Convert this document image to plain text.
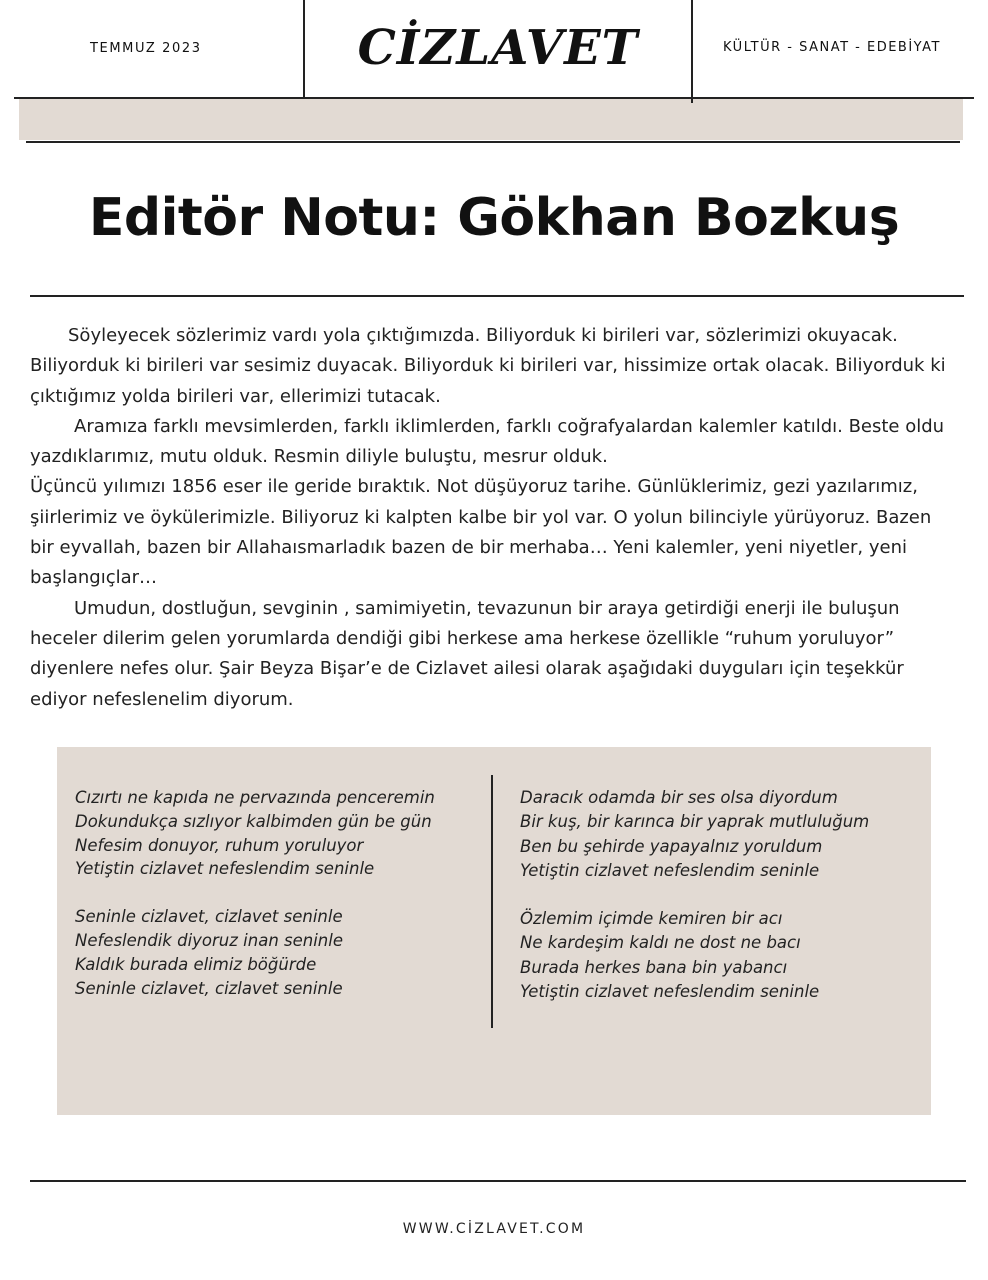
TEMMUZ 2023	CİZLAVET	KÜLTÜR - SANAT - EDEBİYAT
Editör Notu: Gökhan Bozkuş

Söyleyecek sözlerimiz vardı yola çıktığımızda. Biliyorduk ki birileri var, sözlerimizi okuyacak. Biliyorduk ki birileri var sesimiz duyacak. Biliyorduk ki birileri var, hissimize ortak olacak. Biliyorduk ki çıktığımız yolda birileri var, ellerimizi tutacak.

Aramıza farklı mevsimlerden, farklı iklimlerden, farklı coğrafyalardan kalemler katıldı. Beste oldu yazdıklarımız, mutu olduk. Resmin diliyle buluştu, mesrur olduk.

Üçüncü yılımızı 1856 eser ile geride bıraktık. Not düşüyoruz tarihe. Günlüklerimiz, gezi yazılarımız, şiirlerimiz ve öykülerimizle. Biliyoruz ki kalpten kalbe bir yol var. O yolun bilinciyle yürüyoruz. Bazen bir eyvallah, bazen bir Allahaısmarladık bazen de bir merhaba… Yeni kalemler, yeni niyetler, yeni başlangıçlar…

Umudun, dostluğun, sevginin , samimiyetin, tevazunun bir araya getirdiği enerji ile buluşun heceler dilerim gelen yorumlarda dendiği gibi herkese ama herkese özellikle “ruhum yoruluyor” diyenlere nefes olur. Şair Beyza Bişar’e de Cizlavet ailesi olarak aşağıdaki duyguları için teşekkür ediyor nefeslenelim diyorum.

Cızırtı ne kapıda ne pervazında penceremin
Dokundukça sızlıyor kalbimden gün be gün
Nefesim donuyor, ruhum yoruluyor
Yetiştin cizlavet nefeslendim seninle
Seninle cizlavet, cizlavet seninle
Nefeslendik diyoruz inan seninle
Kaldık burada elimiz böğürde
Seninle cizlavet, cizlavet seninle
Daracık odamda bir ses olsa diyordum
Bir kuş, bir karınca bir yaprak mutluluğum
Ben bu şehirde yapayalnız yoruldum
Yetiştin cizlavet nefeslendim seninle
Özlemim içimde kemiren bir acı
Ne kardeşim kaldı ne dost ne bacı
Burada herkes bana bin yabancı
Yetiştin cizlavet nefeslendim seninle
WWW.CİZLAVET.COM
